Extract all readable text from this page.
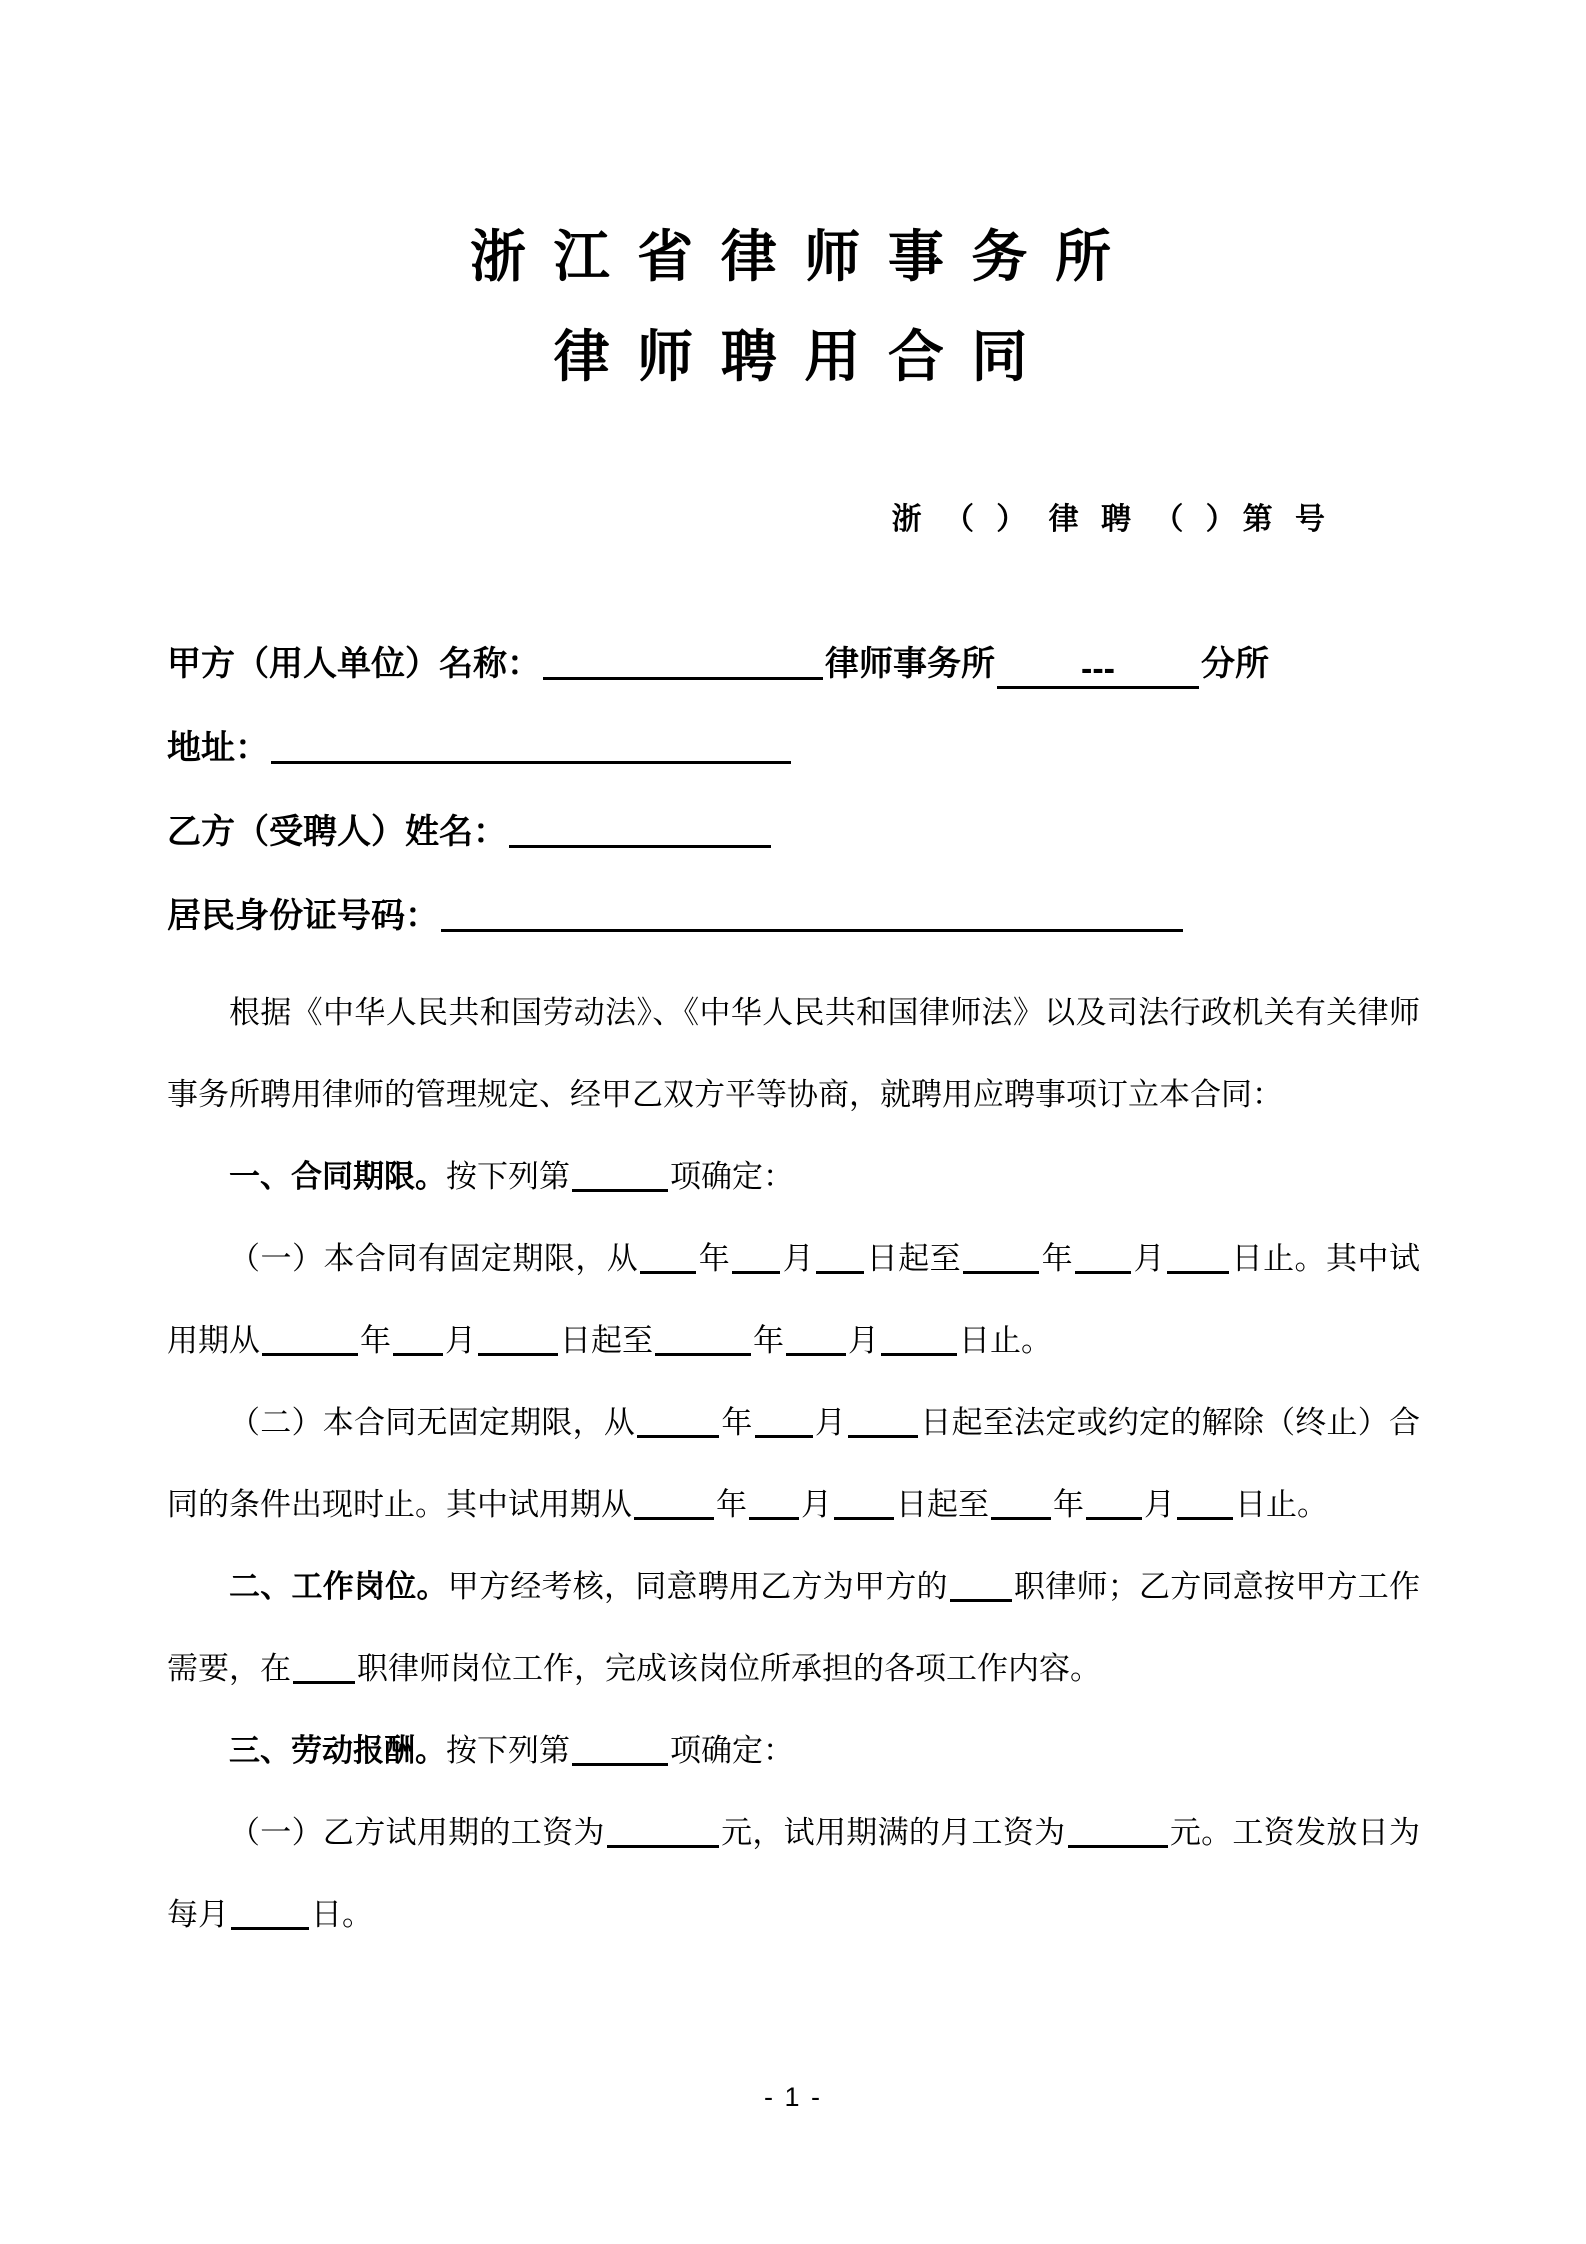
浙 江 省 律 师 事 务 所
律 师 聘 用 合 同
浙 （ ） 律 聘 （ ）第 号

甲方（用人单位）名称：	律师事务所	---	分所

地址：

乙方（受聘人）姓名：

居民身份证号码：

根据《中华人民共和国劳动法》、《中华人民共和国律师法》以及司法行政机关有关律师事务所聘用律师的管理规定、经甲乙双方平等协商，就聘用应聘事项订立本合同：

一、合同期限。按下列第	项确定：

（一）本合同有固定期限，从 年 月 日起至	年 月 日止。其中试用期从	年 月	日起至	年 月	日止。

（二）本合同无固定期限，从	年 月 日起至法定或约定的解除（终止）合同的条件出现时止。其中试用期从	年 月 日起至 年 月 日止。

二、工作岗位。甲方经考核，同意聘用乙方为甲方的 职律师；乙方同意按甲方工作需要，在 职律师岗位工作，完成该岗位所承担的各项工作内容。

三、劳动报酬。按下列第	项确定：

（一）乙方试用期的工资为	元，试用期满的月工资为	元。工资发放日为每月	日。

- 1 -
